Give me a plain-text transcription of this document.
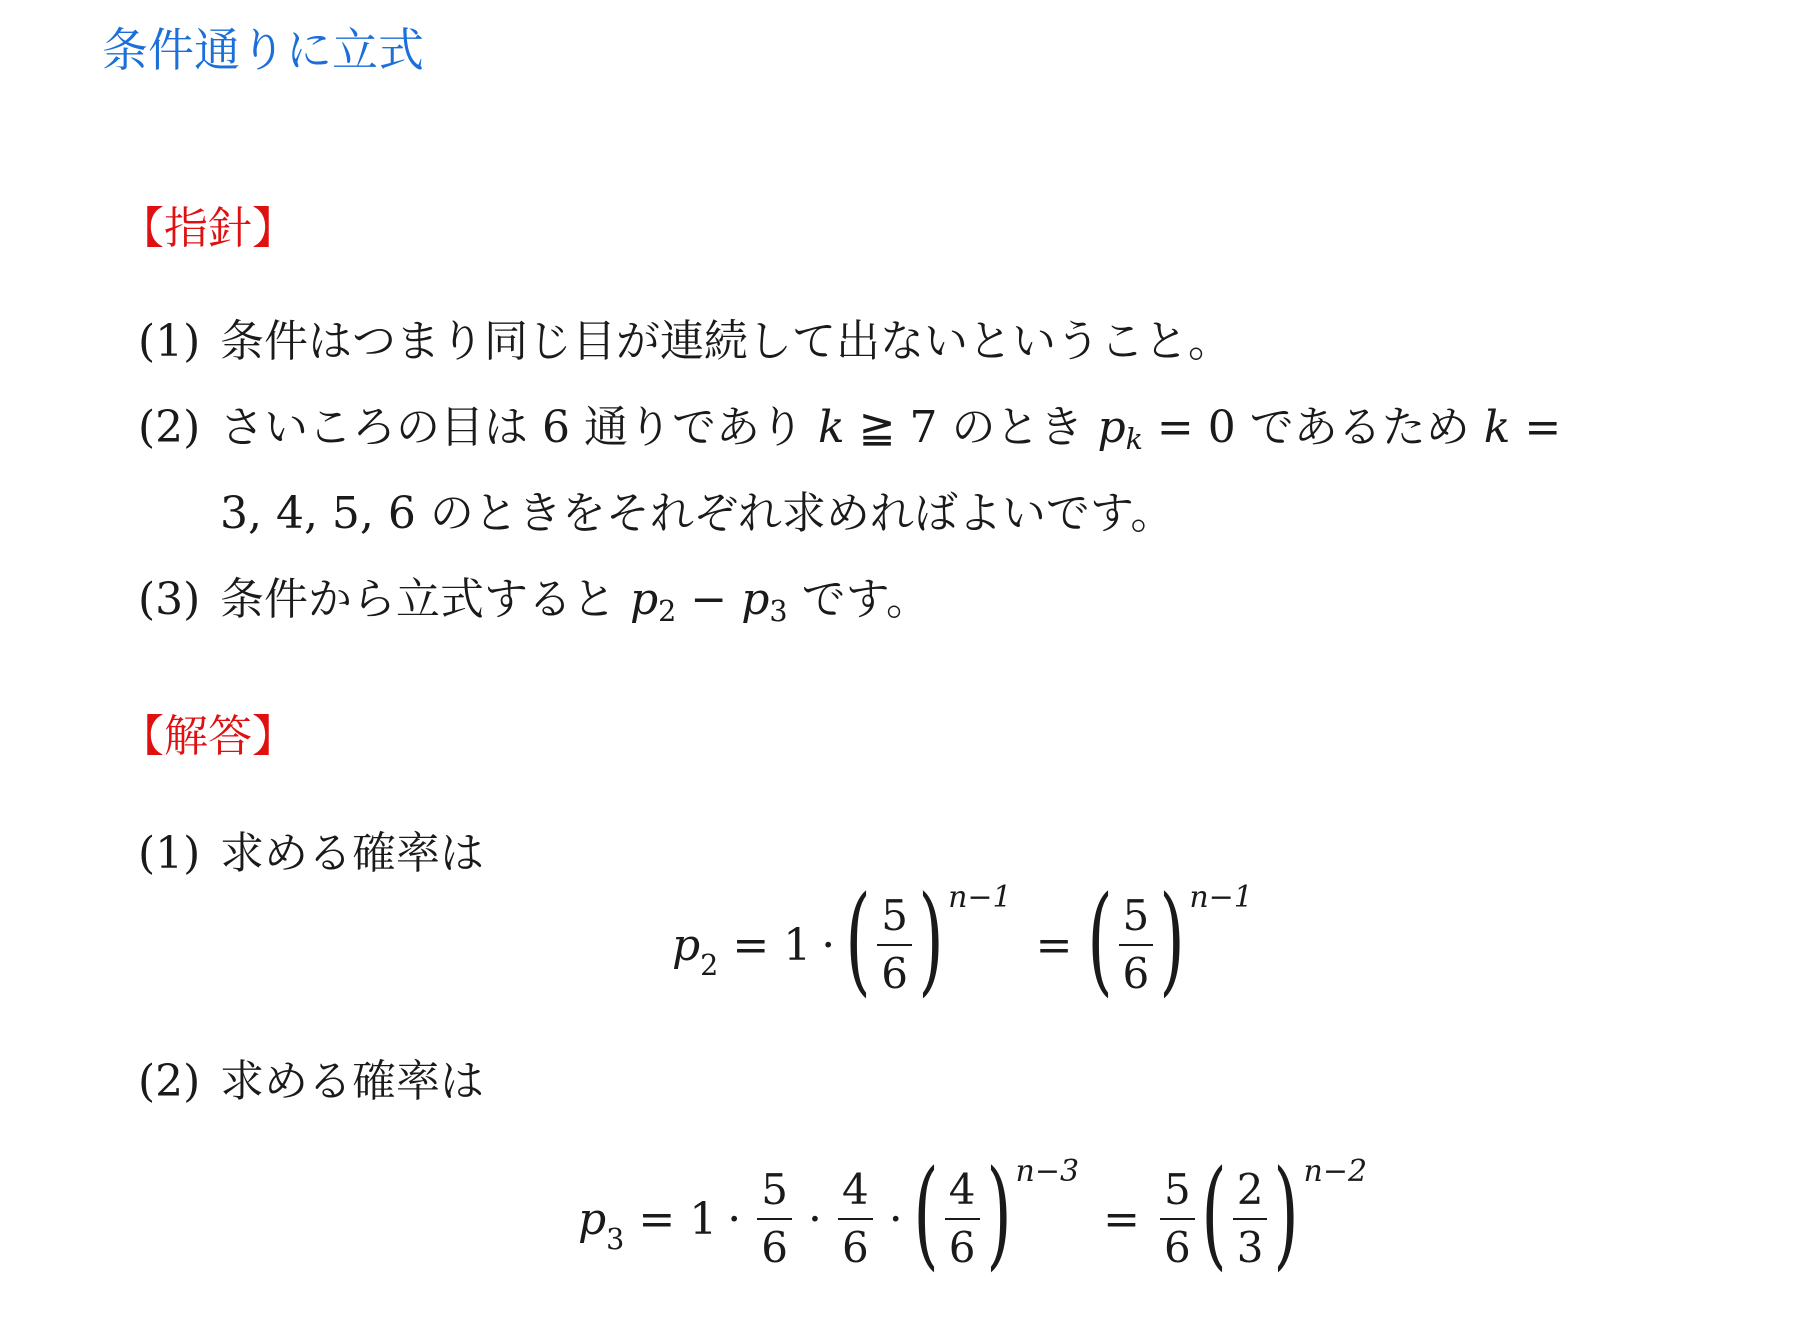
条件通りに立式
【指針】
(1) 条件はつまり同じ目が連続して出ないということ。
(2) さいころの目は 6 通りであり k ≧ 7 のとき $p_k = 0$ であるため k =
3, 4, 5, 6 のときをそれぞれ求めればよいです。
(3) 条件から立式すると $p_2 - p_3$ です。
【解答】
(1) 求める確率は
$p_2 = 1$ · ( $\frac{5}{6}$ ) n−1
= ( $\frac{5}{6}$ ) n−1
(2) 求める確率は
$p_3 = 1 \cdot \frac{5}{6} \cdot \frac{4}{6}$ · ( $\frac{4}{6}$ ) n−3
= $\frac{5}{6}$ ( $\frac{2}{3}$ ) n−2
